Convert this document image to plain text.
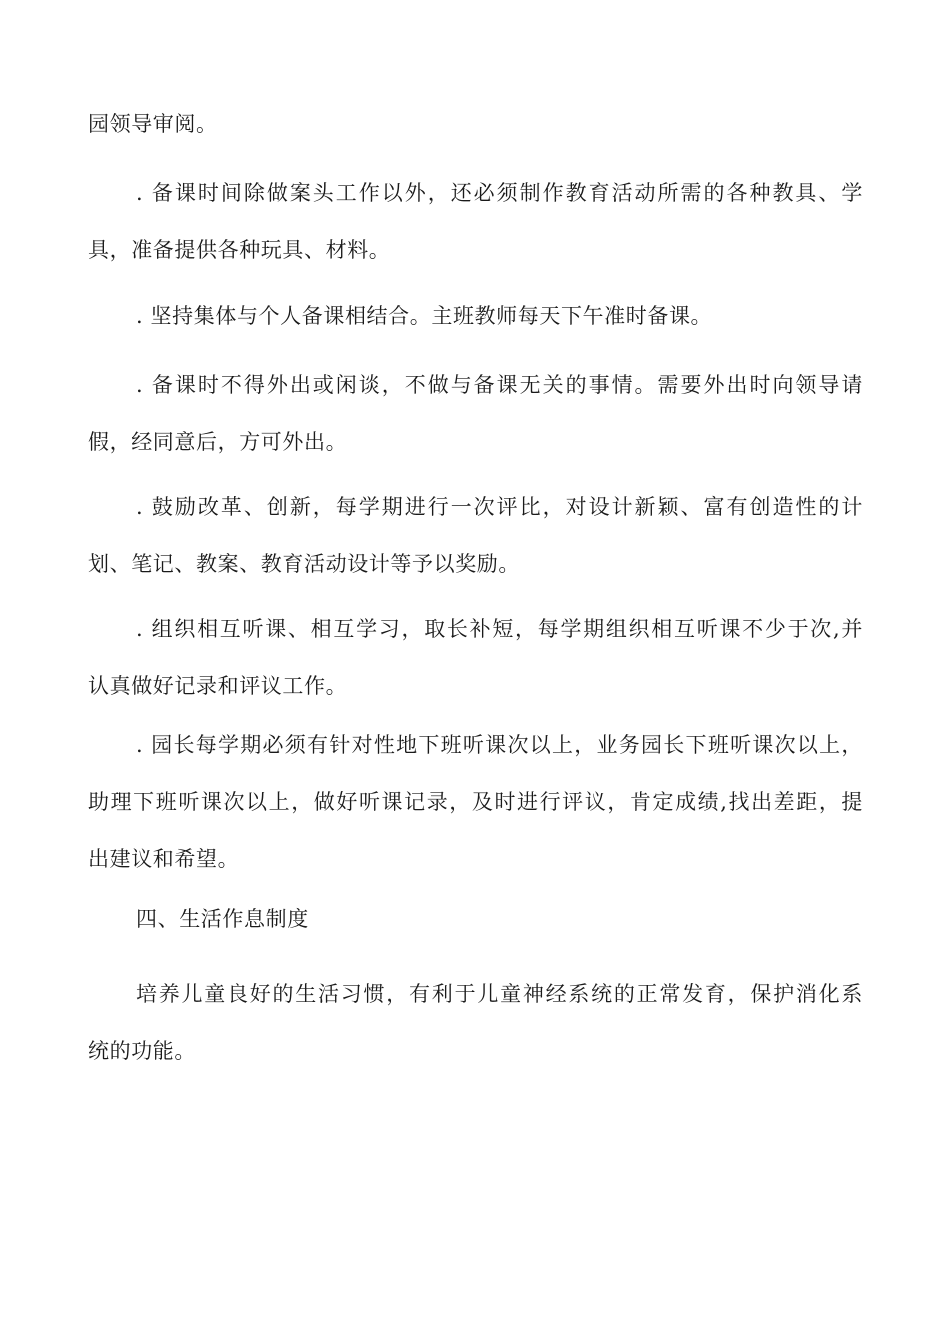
园领导审阅。
. 备课时间除做案头工作以外，还必须制作教育活动所需的各种教具、学
具，准备提供各种玩具、材料。
. 坚持集体与个人备课相结合。主班教师每天下午准时备课。
. 备课时不得外出或闲谈，不做与备课无关的事情。需要外出时向领导请
假，经同意后，方可外出。
. 鼓励改革、创新，每学期进行一次评比，对设计新颖、富有创造性的计
划、笔记、教案、教育活动设计等予以奖励。
. 组织相互听课、相互学习，取长补短，每学期组织相互听课不少于次,并
认真做好记录和评议工作。
. 园长每学期必须有针对性地下班听课次以上，业务园长下班听课次以上，
助理下班听课次以上，做好听课记录，及时进行评议，肯定成绩,找出差距，提
出建议和希望。
四、生活作息制度
培养儿童良好的生活习惯，有利于儿童神经系统的正常发育，保护消化系
统的功能。
